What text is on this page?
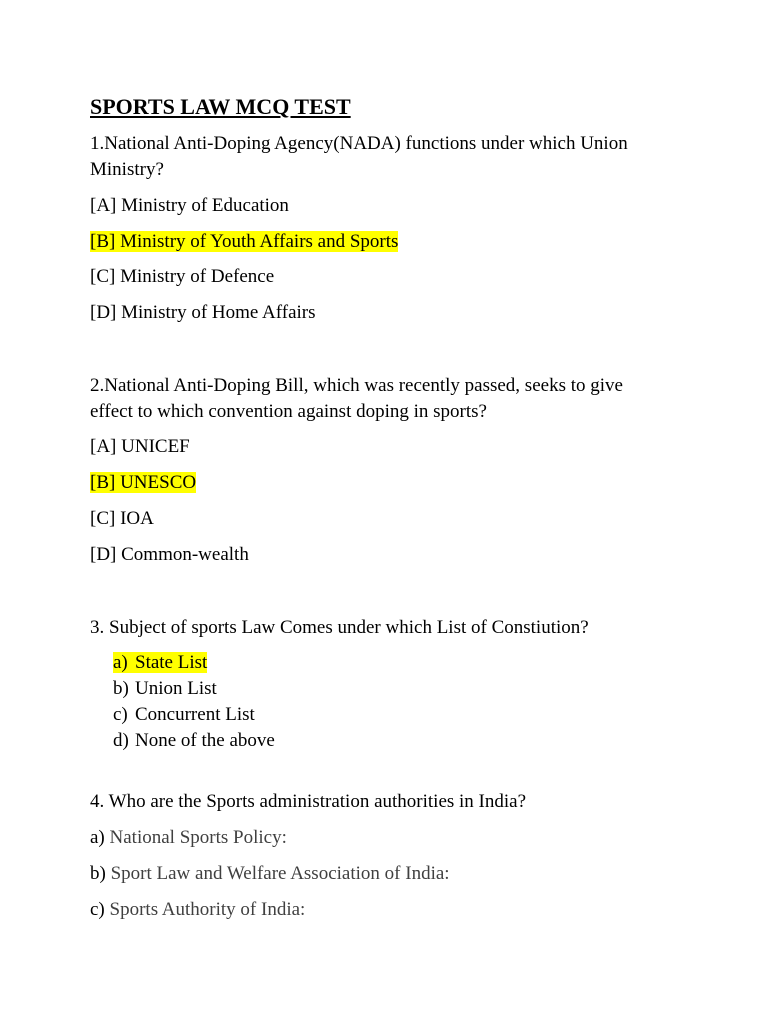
SPORTS LAW MCQ TEST
1.National Anti-Doping Agency(NADA) functions under which Union
Ministry?
[A] Ministry of Education
[B] Ministry of Youth Affairs and Sports
[C] Ministry of Defence
[D] Ministry of Home Affairs
2.National Anti-Doping Bill, which was recently passed, seeks to give
effect to which convention against doping in sports?
[A] UNICEF
[B] UNESCO
[C] IOA
[D] Common-wealth
3. Subject of sports Law Comes under which List of Constiution?
a) State List
b) Union List
c) Concurrent List
d) None of the above
4. Who are the Sports administration authorities in India?
a) National Sports Policy:
b) Sport Law and Welfare Association of India:
c) Sports Authority of India:
